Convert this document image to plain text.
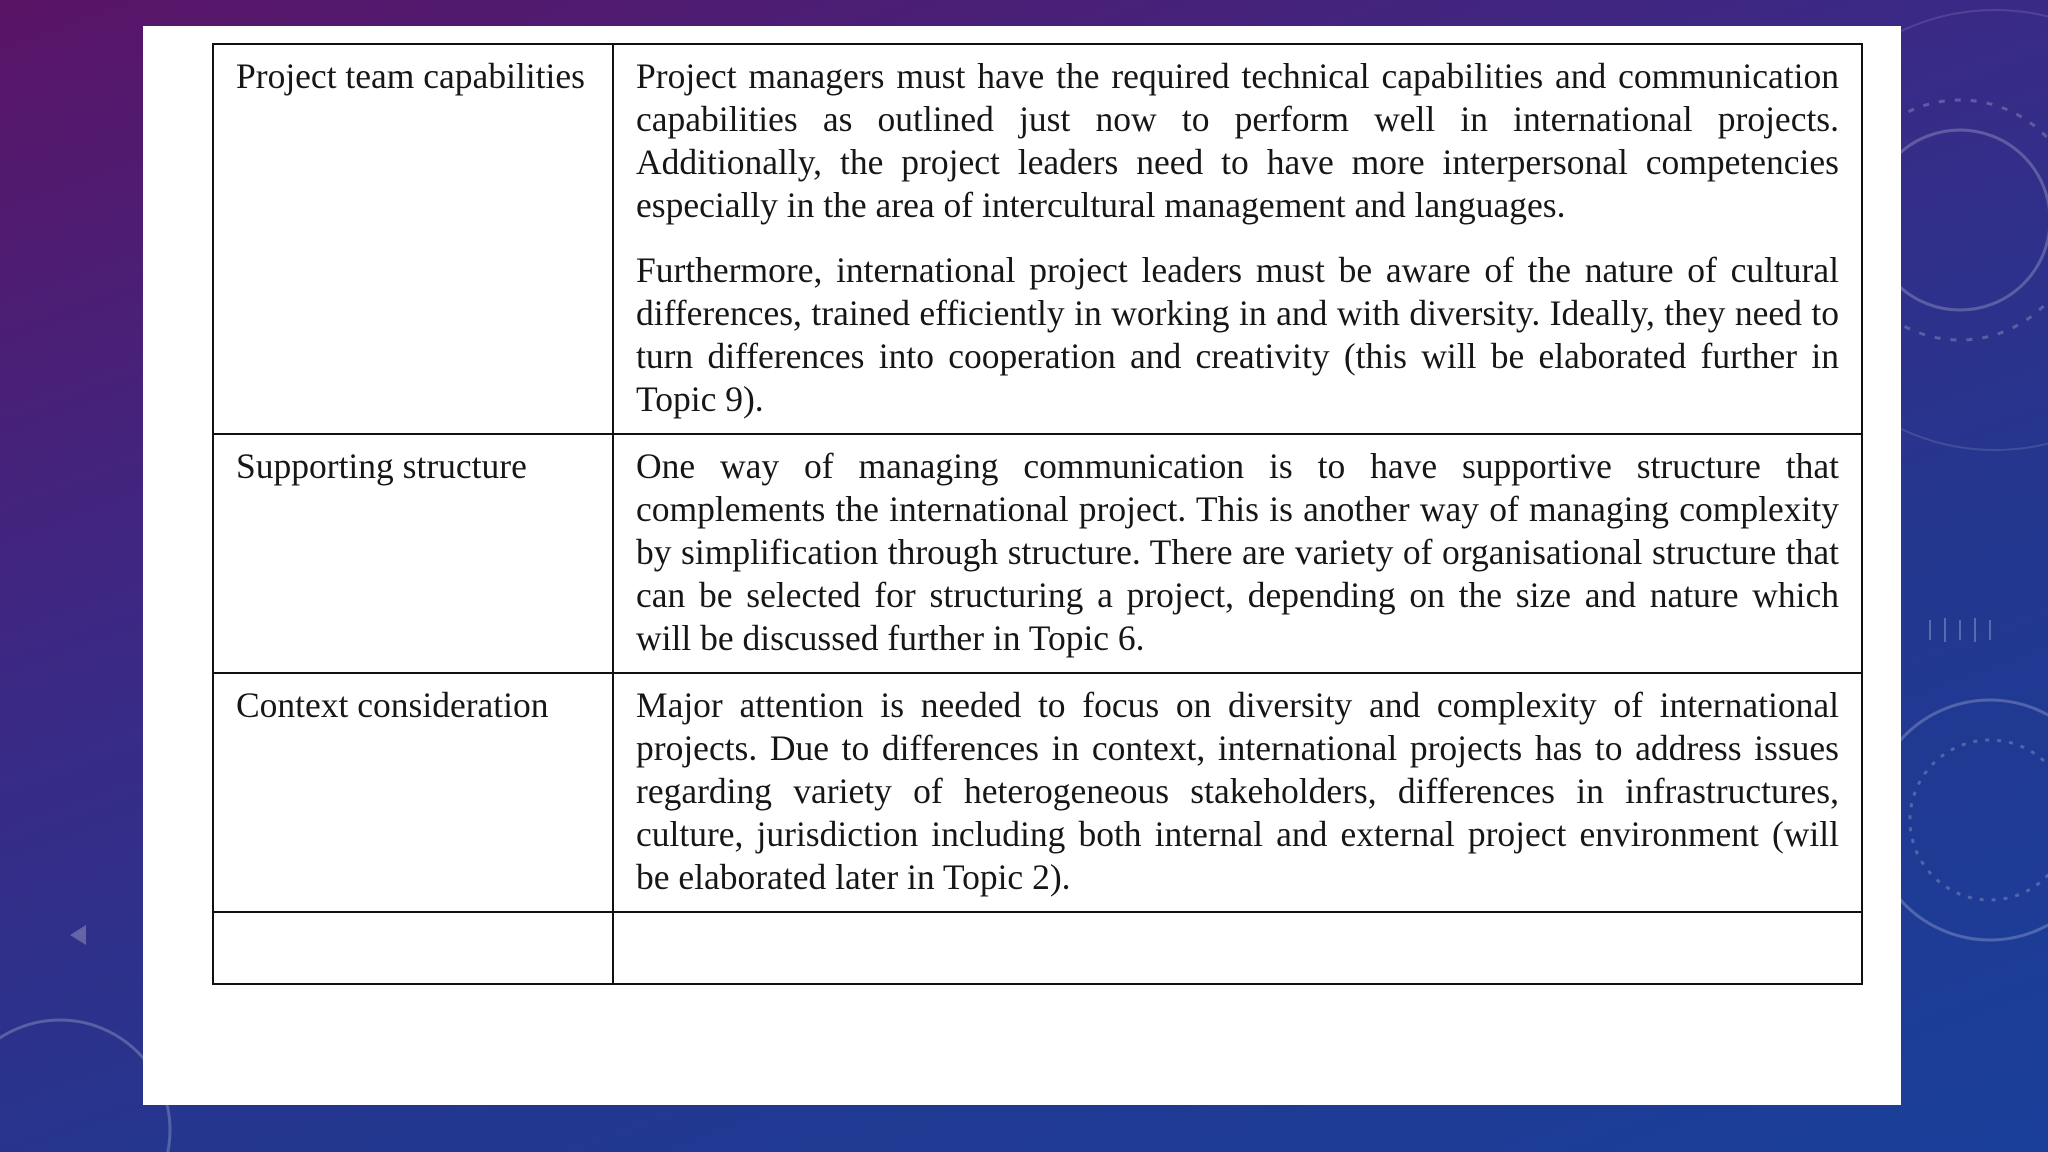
Project team capabilities	Project managers must have the required technical capabilities and communication capabilities as outlined just now to perform well in international projects. Additionally, the project leaders need to have more interpersonal competencies especially in the area of intercultural management and languages.

Furthermore, international project leaders must be aware of the nature of cultural differences, trained efficiently in working in and with diversity. Ideally, they need to turn differences into cooperation and creativity (this will be elaborated further in Topic 9).

Supporting structure	One way of managing communication is to have supportive structure that complements the international project. This is another way of managing complexity by simplification through structure. There are variety of organisational structure that can be selected for structuring a project, depending on the size and nature which will be discussed further in Topic 6.

Context consideration	Major attention is needed to focus on diversity and complexity of international projects. Due to differences in context, international projects has to address issues regarding variety of heterogeneous stakeholders, differences in infrastructures, culture, jurisdiction including both internal and external project environment (will be elaborated later in Topic 2).
